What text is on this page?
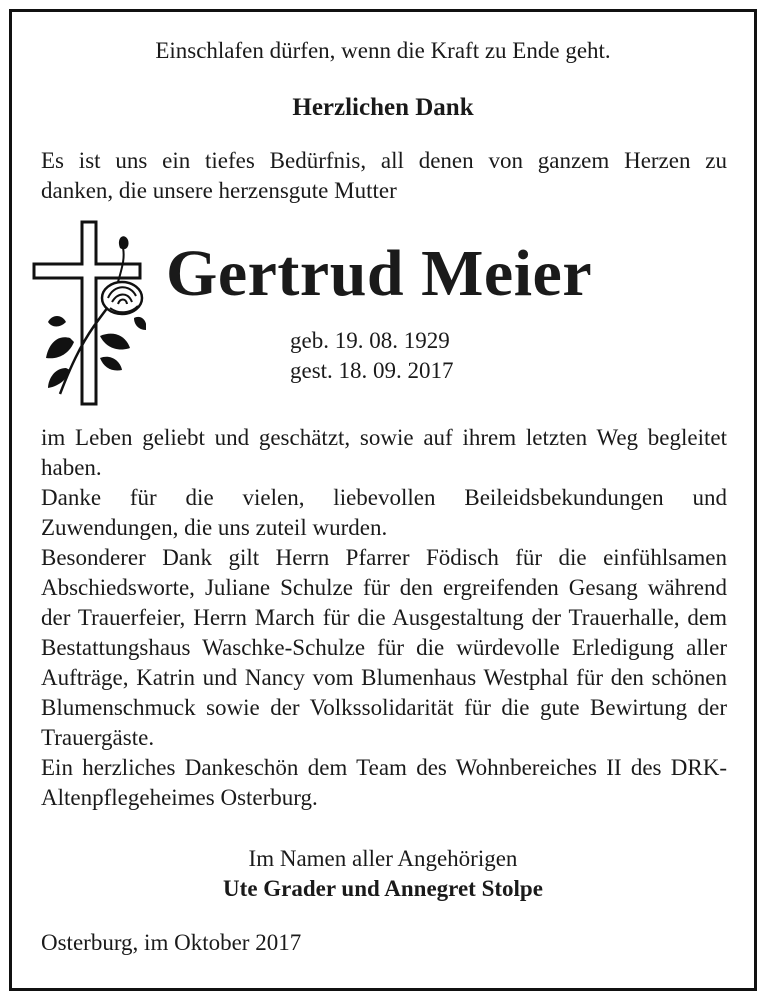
Einschlafen dürfen, wenn die Kraft zu Ende geht.
Herzlichen Dank
Es ist uns ein tiefes Bedürfnis, all denen von ganzem Herzen zu
danken, die unsere herzensgute Mutter
Gertrud Meier
geb. 19. 08. 1929
gest. 18. 09. 2017

im Leben geliebt und geschätzt, sowie auf ihrem letzten Weg begleitet haben.

Danke für die vielen, liebevollen Beileidsbekundungen und Zuwendungen, die uns zuteil wurden.

Besonderer Dank gilt Herrn Pfarrer Födisch für die einfühlsamen Abschiedsworte, Juliane Schulze für den ergreifenden Gesang während der Trauerfeier, Herrn March für die Ausgestaltung der Trauerhalle, dem Bestattungshaus Waschke-Schulze für die würdevolle Erledigung aller Aufträge, Katrin und Nancy vom Blumenhaus Westphal für den schönen Blumenschmuck sowie der Volkssolidarität für die gute Bewirtung der Trauergäste.

Ein herzliches Dankeschön dem Team des Wohnbereiches II des DRK-Altenpflegeheimes Osterburg.

Im Namen aller Angehörigen
Ute Grader und Annegret Stolpe
Osterburg, im Oktober 2017
